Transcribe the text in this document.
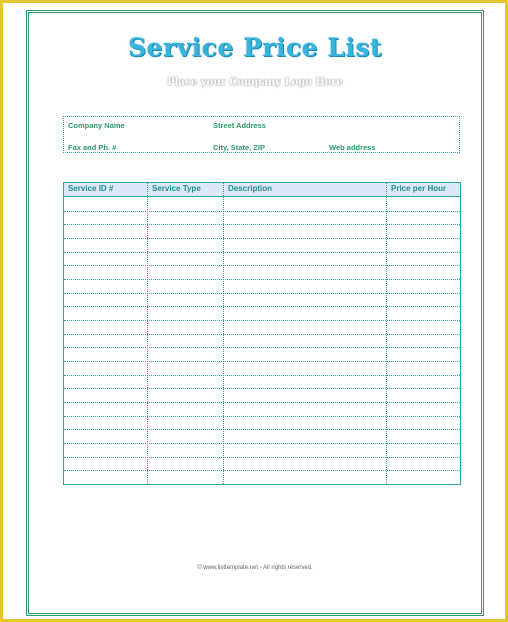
Service Price List
Place your Company Logo Here
Company Name	Street Address
Fax and Ph. #	City, State, ZIP	Web address
Service ID #	Service Type	Description	Price per Hour
© www.listtemplate.net - All rights reserved.
